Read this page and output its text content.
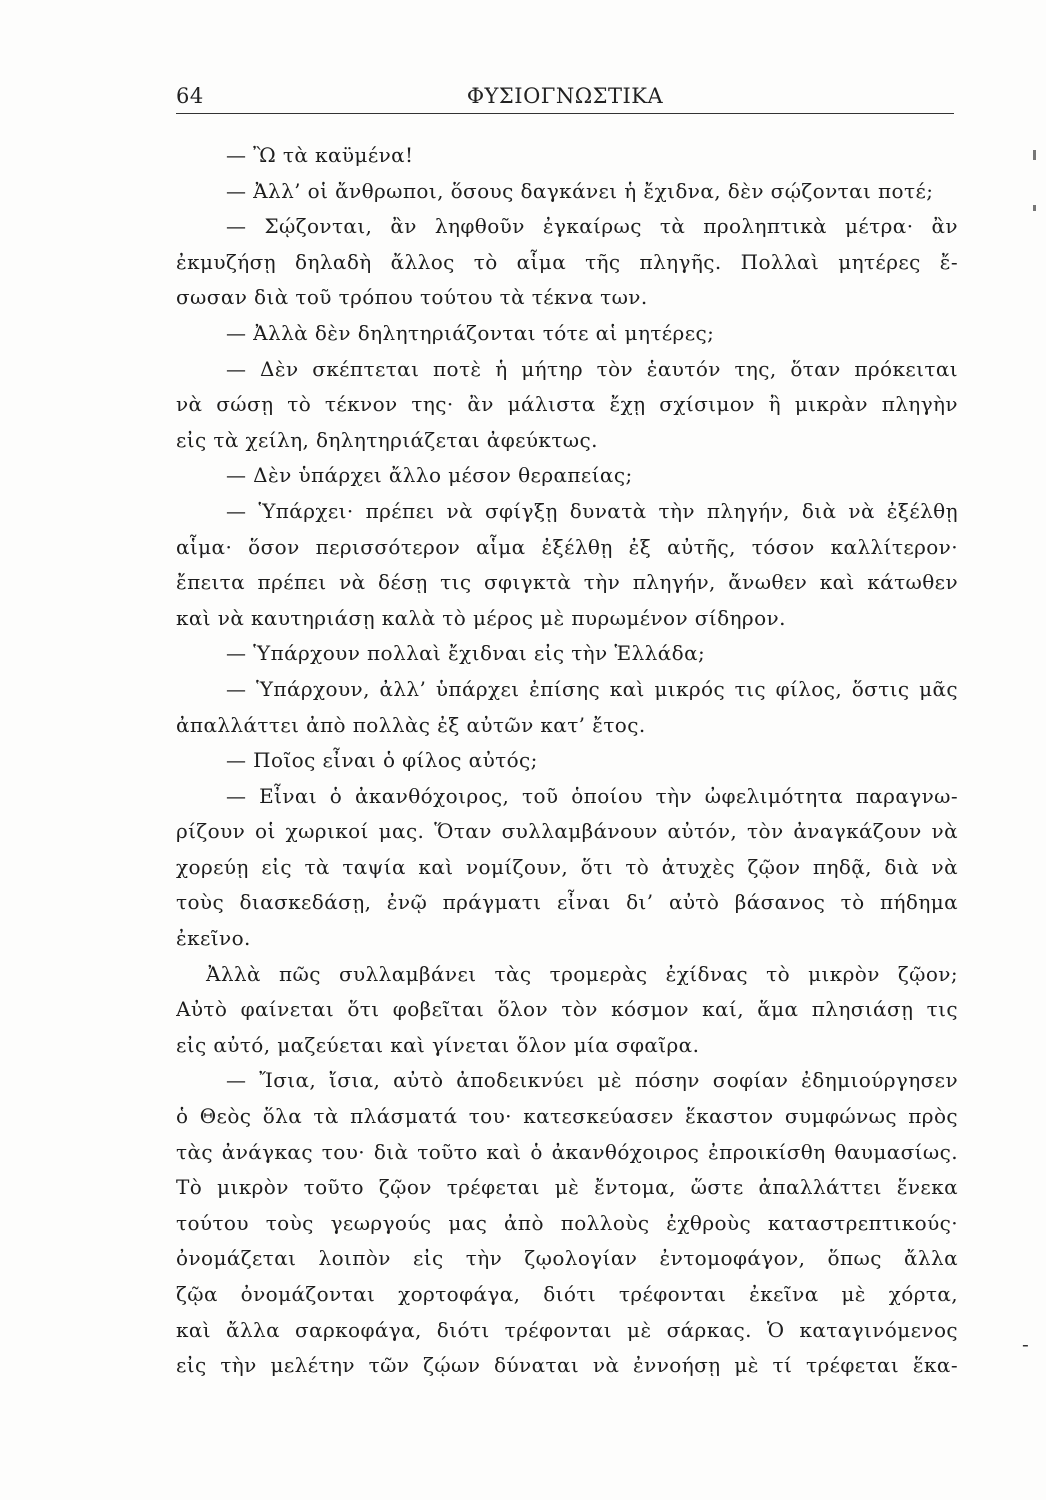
64	ΦΥΣΙΟΓΝΩΣΤΙΚΑ
— Ὢ τὰ καϋμένα!
— Ἀλλ’ οἱ ἄνθρωποι, ὅσους δαγκάνει ἡ ἔχιδνα, δὲν σῴζονται ποτέ;
— Σῴζονται, ἂν ληφθοῦν ἐγκαίρως τὰ προληπτικὰ μέτρα· ἂν
ἐκμυζήσῃ δηλαδὴ ἄλλος τὸ αἷμα τῆς πληγῆς. Πολλαὶ μητέρες ἔ-
σωσαν διὰ τοῦ τρόπου τούτου τὰ τέκνα των.
— Ἀλλὰ δὲν δηλητηριάζονται τότε αἱ μητέρες;
— Δὲν σκέπτεται ποτὲ ἡ μήτηρ τὸν ἑαυτόν της, ὅταν πρόκειται
νὰ σώσῃ τὸ τέκνον της· ἂν μάλιστα ἔχῃ σχίσιμον ἢ μικρὰν πληγὴν
εἰς τὰ χείλη, δηλητηριάζεται ἀφεύκτως.
— Δὲν ὑπάρχει ἄλλο μέσον θεραπείας;
— Ὑπάρχει· πρέπει νὰ σφίγξῃ δυνατὰ τὴν πληγήν, διὰ νὰ ἐξέλθῃ
αἷμα· ὅσον περισσότερον αἷμα ἐξέλθῃ ἐξ αὐτῆς, τόσον καλλίτερον·
ἔπειτα πρέπει νὰ δέσῃ τις σφιγκτὰ τὴν πληγήν, ἄνωθεν καὶ κάτωθεν
καὶ νὰ καυτηριάσῃ καλὰ τὸ μέρος μὲ πυρωμένον σίδηρον.
— Ὑπάρχουν πολλαὶ ἔχιδναι εἰς τὴν Ἑλλάδα;
— Ὑπάρχουν, ἀλλ’ ὑπάρχει ἐπίσης καὶ μικρός τις φίλος, ὅστις μᾶς
ἀπαλλάττει ἀπὸ πολλὰς ἐξ αὐτῶν κατ’ ἔτος.
— Ποῖος εἶναι ὁ φίλος αὐτός;
— Εἶναι ὁ ἀκανθόχοιρος, τοῦ ὁποίου τὴν ὠφελιμότητα παραγνω-
ρίζουν οἱ χωρικοί μας. Ὅταν συλλαμβάνουν αὐτόν, τὸν ἀναγκάζουν νὰ
χορεύῃ εἰς τὰ ταψία καὶ νομίζουν, ὅτι τὸ ἀτυχὲς ζῷον πηδᾷ, διὰ νὰ
τοὺς διασκεδάσῃ, ἐνῷ πράγματι εἶναι δι’ αὐτὸ βάσανος τὸ πήδημα
ἐκεῖνο.
Ἀλλὰ πῶς συλλαμβάνει τὰς τρομερὰς ἐχίδνας τὸ μικρὸν ζῷον;
Αὐτὸ φαίνεται ὅτι φοβεῖται ὅλον τὸν κόσμον καί, ἅμα πλησιάσῃ τις
εἰς αὐτό, μαζεύεται καὶ γίνεται ὅλον μία σφαῖρα.
— Ἴσια, ἴσια, αὐτὸ ἀποδεικνύει μὲ πόσην σοφίαν ἐδημιούργησεν
ὁ Θεὸς ὅλα τὰ πλάσματά του· κατεσκεύασεν ἕκαστον συμφώνως πρὸς
τὰς ἀνάγκας του· διὰ τοῦτο καὶ ὁ ἀκανθόχοιρος ἐπροικίσθη θαυμασίως.
Τὸ μικρὸν τοῦτο ζῷον τρέφεται μὲ ἔντομα, ὥστε ἀπαλλάττει ἕνεκα
τούτου τοὺς γεωργούς μας ἀπὸ πολλοὺς ἐχθροὺς καταστρεπτικούς·
ὀνομάζεται λοιπὸν εἰς τὴν ζῳολογίαν ἐντομοφάγον, ὅπως ἄλλα
ζῷα ὀνομάζονται χορτοφάγα, διότι τρέφονται ἐκεῖνα μὲ χόρτα,
καὶ ἄλλα σαρκοφάγα, διότι τρέφονται μὲ σάρκας. Ὁ καταγινόμενος
εἰς τὴν μελέτην τῶν ζῴων δύναται νὰ ἐννοήσῃ μὲ τί τρέφεται ἕκα-
-
